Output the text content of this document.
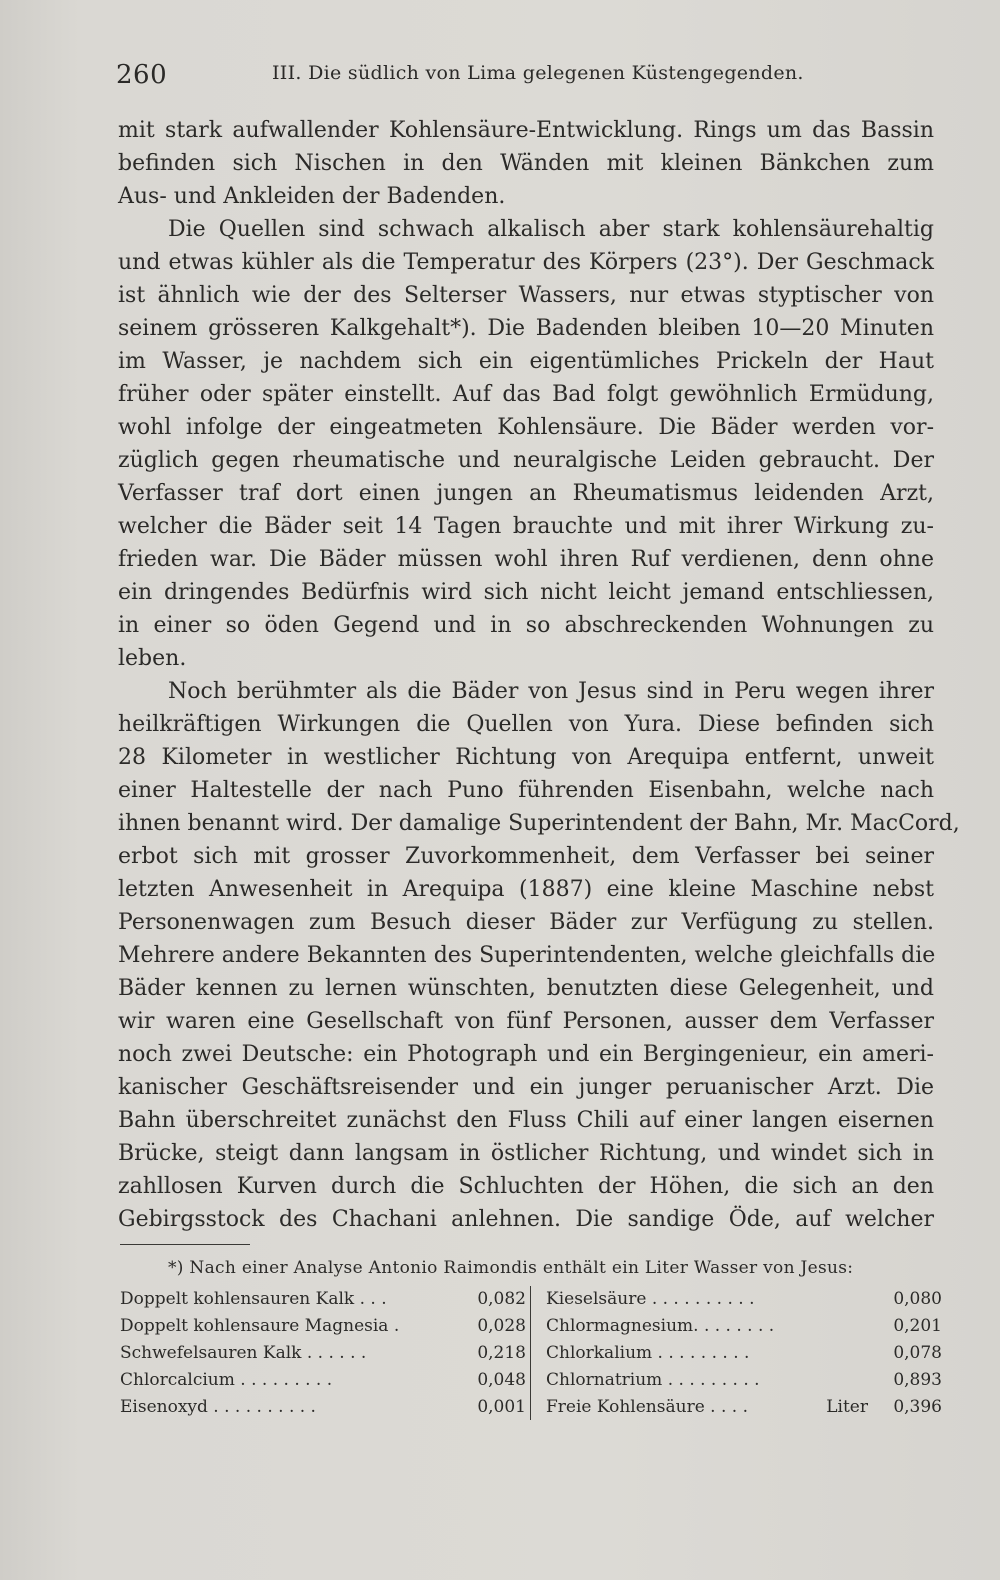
260	III. Die südlich von Lima gelegenen Küstengegenden.
mit stark aufwallender Kohlensäure-Entwicklung. Rings um das Bassin
befinden sich Nischen in den Wänden mit kleinen Bänkchen zum
Aus- und Ankleiden der Badenden.
Die Quellen sind schwach alkalisch aber stark kohlensäurehaltig
und etwas kühler als die Temperatur des Körpers (23°). Der Geschmack
ist ähnlich wie der des Selterser Wassers, nur etwas styptischer von
seinem grösseren Kalkgehalt*). Die Badenden bleiben 10—20 Minuten
im Wasser, je nachdem sich ein eigentümliches Prickeln der Haut
früher oder später einstellt. Auf das Bad folgt gewöhnlich Ermüdung,
wohl infolge der eingeatmeten Kohlensäure. Die Bäder werden vor-
züglich gegen rheumatische und neuralgische Leiden gebraucht. Der
Verfasser traf dort einen jungen an Rheumatismus leidenden Arzt,
welcher die Bäder seit 14 Tagen brauchte und mit ihrer Wirkung zu-
frieden war. Die Bäder müssen wohl ihren Ruf verdienen, denn ohne
ein dringendes Bedürfnis wird sich nicht leicht jemand entschliessen,
in einer so öden Gegend und in so abschreckenden Wohnungen zu
leben.
Noch berühmter als die Bäder von Jesus sind in Peru wegen ihrer
heilkräftigen Wirkungen die Quellen von Yura. Diese befinden sich
28 Kilometer in westlicher Richtung von Arequipa entfernt, unweit
einer Haltestelle der nach Puno führenden Eisenbahn, welche nach
ihnen benannt wird. Der damalige Superintendent der Bahn, Mr. MacCord,
erbot sich mit grosser Zuvorkommenheit, dem Verfasser bei seiner
letzten Anwesenheit in Arequipa (1887) eine kleine Maschine nebst
Personenwagen zum Besuch dieser Bäder zur Verfügung zu stellen.
Mehrere andere Bekannten des Superintendenten, welche gleichfalls die
Bäder kennen zu lernen wünschten, benutzten diese Gelegenheit, und
wir waren eine Gesellschaft von fünf Personen, ausser dem Verfasser
noch zwei Deutsche: ein Photograph und ein Bergingenieur, ein ameri-
kanischer Geschäftsreisender und ein junger peruanischer Arzt. Die
Bahn überschreitet zunächst den Fluss Chili auf einer langen eisernen
Brücke, steigt dann langsam in östlicher Richtung, und windet sich in
zahllosen Kurven durch die Schluchten der Höhen, die sich an den
Gebirgsstock des Chachani anlehnen. Die sandige Öde, auf welcher
*) Nach einer Analyse Antonio Raimondis enthält ein Liter Wasser von Jesus:
Doppelt kohlensauren Kalk . . .	0,082
Doppelt kohlensaure Magnesia .	0,028
Schwefelsauren Kalk . . . . . .	0,218
Chlorcalcium . . . . . . . . .	0,048
Eisenoxyd . . . . . . . . . .	0,001
Kieselsäure . . . . . . . . . .	0,080
Chlormagnesium. . . . . . . .	0,201
Chlorkalium . . . . . . . . .	0,078
Chlornatrium . . . . . . . . .	0,893
Freie Kohlensäure . . . .	Liter 0,396
